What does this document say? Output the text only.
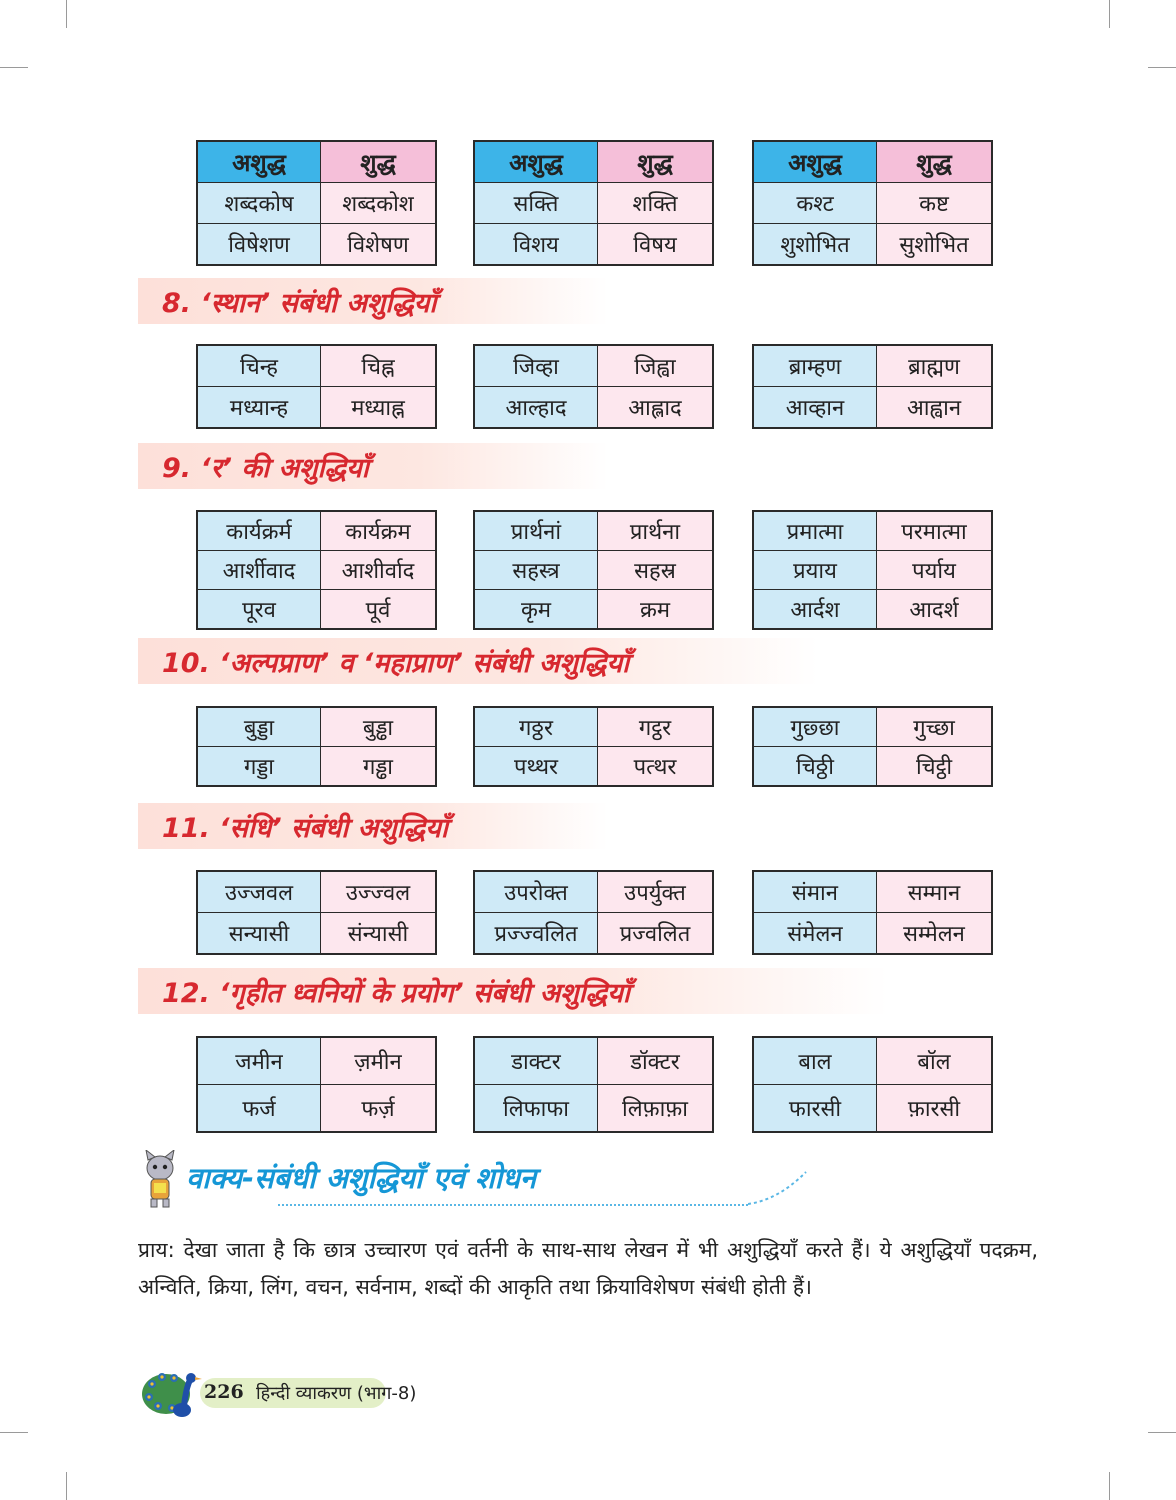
अशुद्ध	शुद्ध
शब्दकोष	शब्दकोश
विषेशण	विशेषण
अशुद्ध	शुद्ध
सक्ति	शक्ति
विशय	विषय
अशुद्ध	शुद्ध
कश्ट	कष्ट
शुशोभित	सुशोभित
8. ‘स्थान’ संबंधी अशुद्धियाँ
चिन्ह	चिह्न
मध्यान्ह	मध्याह्न
जिव्हा	जिह्वा
आल्हाद	आह्लाद
ब्राम्हण	ब्राह्मण
आव्हान	आह्वान
9. ‘र’ की अशुद्धियाँ
कार्यक्रर्म	कार्यक्रम
आर्शीवाद	आशीर्वाद
पूरव	पूर्व
प्रार्थनां	प्रार्थना
सहस्त्र	सहस्र
कृम	क्रम
प्रमात्मा	परमात्मा
प्रयाय	पर्याय
आर्दश	आदर्श
10. ‘अल्पप्राण’ व ‘महाप्राण’ संबंधी अशुद्धियाँ
बुड्डा	बुड्ढा
गड्डा	गड्ढा
गठ्ठर	गट्ठर
पथ्थर	पत्थर
गुछ्छा	गुच्छा
चिठ्ठी	चिट्ठी
11. ‘संधि’ संबंधी अशुद्धियाँ
उज्जवल	उज्ज्वल
सन्यासी	संन्यासी
उपरोक्त	उपर्युक्त
प्रज्ज्वलित	प्रज्वलित
संमान	सम्मान
संमेलन	सम्मेलन
12. ‘गृहीत ध्वनियों के प्रयोग’ संबंधी अशुद्धियाँ
जमीन	ज़मीन
फर्ज	फर्ज़
डाक्टर	डॉक्टर
लिफाफा	लिफ़ाफ़ा
बाल	बॉल
फारसी	फ़ारसी
वाक्य-संबंधी अशुद्धियाँ एवं शोधन
प्राय: देखा जाता है कि छात्र उच्चारण एवं वर्तनी के साथ-साथ लेखन में भी अशुद्धियाँ करते हैं। ये अशुद्धियाँ पदक्रम, अन्विति, क्रिया, लिंग, वचन, सर्वनाम, शब्दों की आकृति तथा क्रियाविशेषण संबंधी होती हैं।
226 हिन्दी व्याकरण (भाग-8)
